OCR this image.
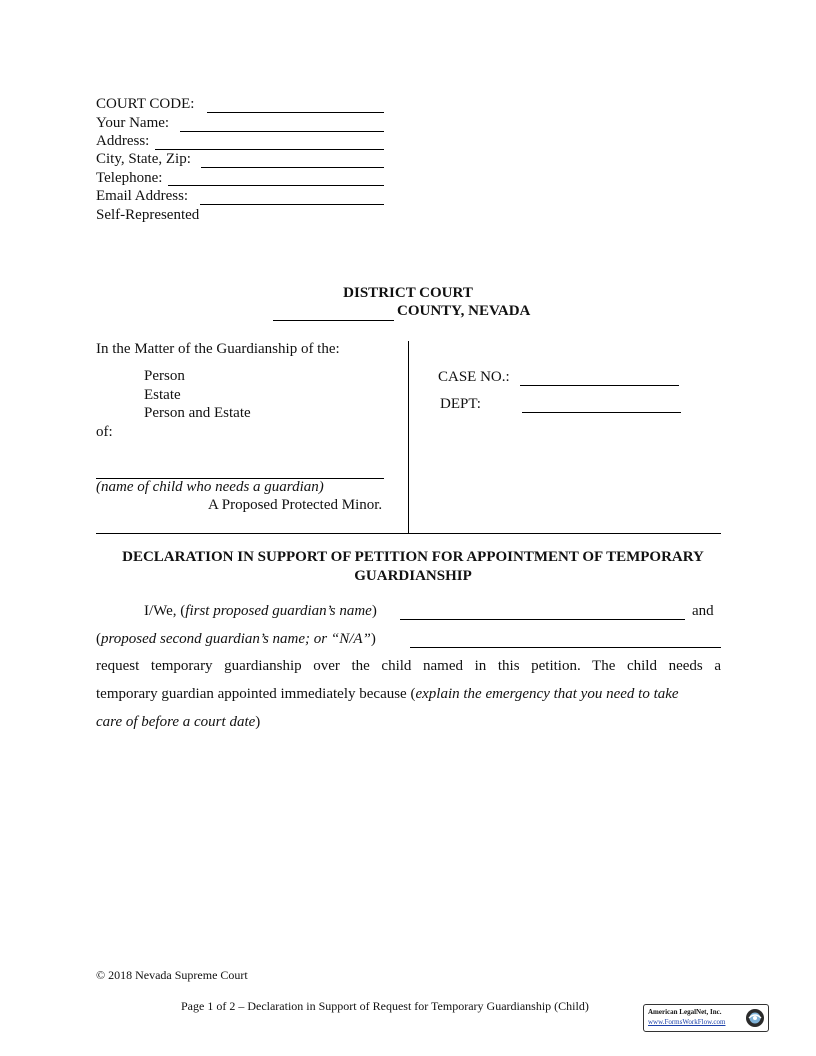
COURT CODE:
Your Name:
Address:
City, State, Zip:
Telephone:
Email Address:
Self-Represented
DISTRICT COURT
COUNTY, NEVADA
In the Matter of the Guardianship of the:
Person
Estate
Person and Estate
of:
(name of child who needs a guardian)
A Proposed Protected Minor.
CASE NO.:
DEPT:
DECLARATION IN SUPPORT OF PETITION FOR APPOINTMENT OF TEMPORARY
GUARDIANSHIP
I/We, (first proposed guardian’s name)	and
(proposed second guardian’s name; or “N/A”)
request temporary guardianship over the child named in this petition. The child needs a
temporary guardian appointed immediately because (explain the emergency that you need to take
care of before a court date)
© 2018 Nevada Supreme Court
Page 1 of 2 – Declaration in Support of Request for Temporary Guardianship (Child)	American LegalNet, Inc.
www.FormsWorkFlow.com
